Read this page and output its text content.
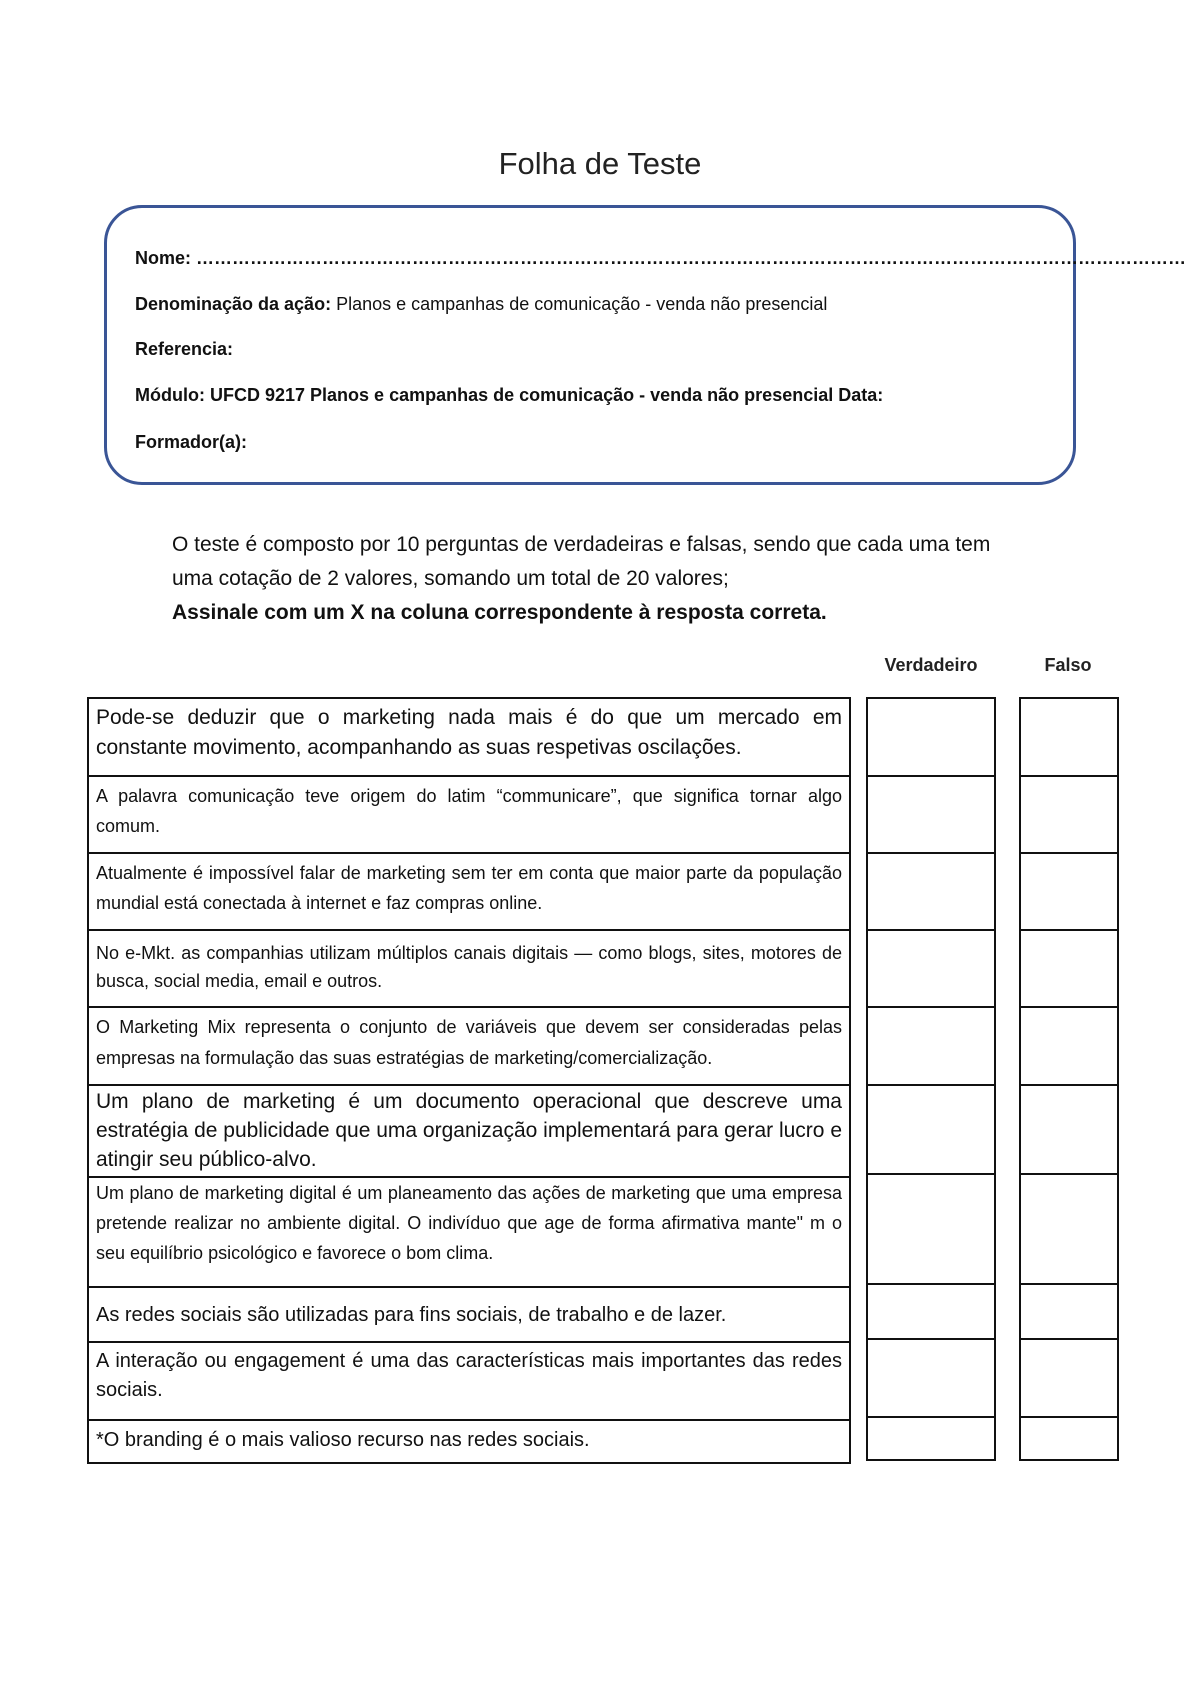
Folha de Teste
Nome: …………………………………………………………………………………………………………………………………………………
Denominação da ação: Planos e campanhas de comunicação - venda não presencial
Referencia:
Módulo: UFCD 9217 Planos e campanhas de comunicação - venda não presencial Data:
Formador(a):
O teste é composto por 10 perguntas de verdadeiras e falsas, sendo que cada uma tem
uma cotação de 2 valores, somando um total de 20 valores;
Assinale com um X na coluna correspondente à resposta correta.
Verdadeiro	Falso
Pode-se deduzir que o marketing nada mais é do que um mercado em constante movimento, acompanhando as suas respetivas oscilações.
A palavra comunicação teve origem do latim “communicare”, que significa tornar algo comum.
Atualmente é impossível falar de marketing sem ter em conta que maior parte da população mundial está conectada à internet e faz compras online.
No e-Mkt. as companhias utilizam múltiplos canais digitais — como blogs, sites, motores de busca, social media, email e outros.
O Marketing Mix representa o conjunto de variáveis que devem ser consideradas pelas empresas na formulação das suas estratégias de marketing/comercialização.
Um plano de marketing é um documento operacional que descreve uma estratégia de publicidade que uma organização implementará para gerar lucro e atingir seu público-alvo.
Um plano de marketing digital é um planeamento das ações de marketing que uma empresa pretende realizar no ambiente digital. O indivíduo que age de forma afirmativa mante" m o seu equilíbrio psicológico e favorece o bom clima.
As redes sociais são utilizadas para fins sociais, de trabalho e de lazer.
A interação ou engagement é uma das características mais importantes das redes sociais.
*O branding é o mais valioso recurso nas redes sociais.
